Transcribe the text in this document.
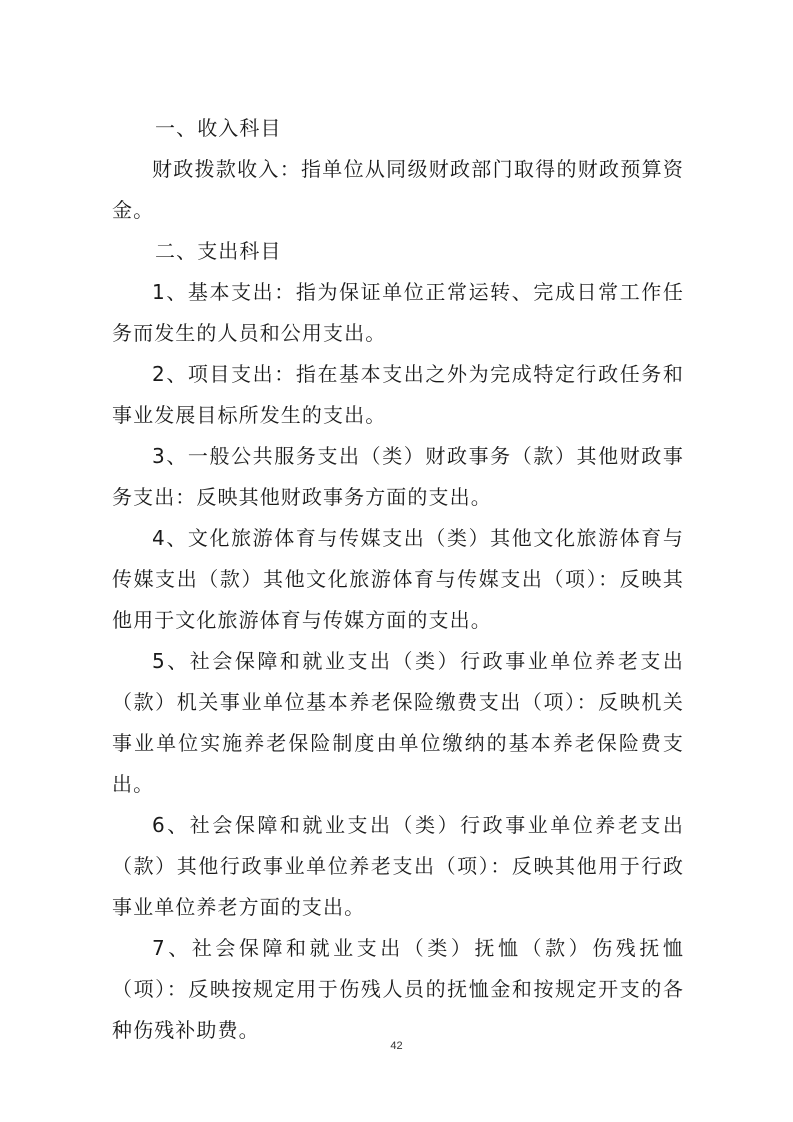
一、收入科目

财政拨款收入：指单位从同级财政部门取得的财政预算资金。

二、支出科目

1、基本支出：指为保证单位正常运转、完成日常工作任务而发生的人员和公用支出。

2、项目支出：指在基本支出之外为完成特定行政任务和事业发展目标所发生的支出。

3、一般公共服务支出（类）财政事务（款）其他财政事务支出：反映其他财政事务方面的支出。

4、文化旅游体育与传媒支出（类）其他文化旅游体育与传媒支出（款）其他文化旅游体育与传媒支出（项）：反映其他用于文化旅游体育与传媒方面的支出。

5、社会保障和就业支出（类）行政事业单位养老支出（款）机关事业单位基本养老保险缴费支出（项）：反映机关事业单位实施养老保险制度由单位缴纳的基本养老保险费支出。

6、社会保障和就业支出（类）行政事业单位养老支出（款）其他行政事业单位养老支出（项）：反映其他用于行政事业单位养老方面的支出。

7、社会保障和就业支出（类）抚恤（款）伤残抚恤（项）：反映按规定用于伤残人员的抚恤金和按规定开支的各种伤残补助费。

42
